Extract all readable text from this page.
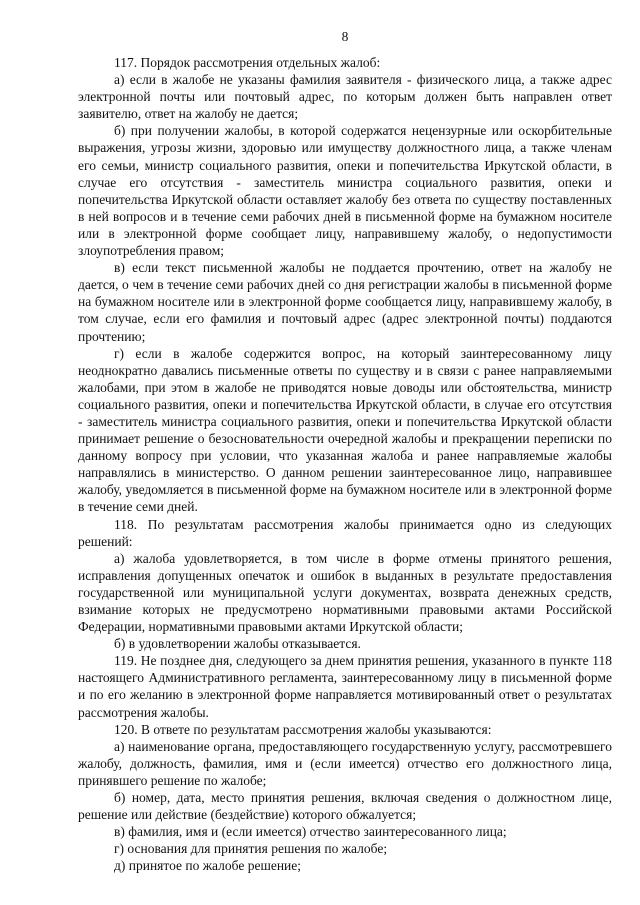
8

117. Порядок рассмотрения отдельных жалоб:

а) если в жалобе не указаны фамилия заявителя - физического лица, а также адрес электронной почты или почтовый адрес, по которым должен быть направлен ответ заявителю, ответ на жалобу не дается;

б) при получении жалобы, в которой содержатся нецензурные или оскорбительные выражения, угрозы жизни, здоровью или имуществу должностного лица, а также членам его семьи, министр социального развития, опеки и попечительства Иркутской области, в случае его отсутствия - заместитель министра социального развития, опеки и попечительства Иркутской области оставляет жалобу без ответа по существу поставленных в ней вопросов и в течение семи рабочих дней в письменной форме на бумажном носителе или в электронной форме сообщает лицу, направившему жалобу, о недопустимости злоупотребления правом;

в) если текст письменной жалобы не поддается прочтению, ответ на жалобу не дается, о чем в течение семи рабочих дней со дня регистрации жалобы в письменной форме на бумажном носителе или в электронной форме сообщается лицу, направившему жалобу, в том случае, если его фамилия и почтовый адрес (адрес электронной почты) поддаются прочтению;

г) если в жалобе содержится вопрос, на который заинтересованному лицу неоднократно давались письменные ответы по существу и в связи с ранее направляемыми жалобами, при этом в жалобе не приводятся новые доводы или обстоятельства, министр социального развития, опеки и попечительства Иркутской области, в случае его отсутствия - заместитель министра социального развития, опеки и попечительства Иркутской области принимает решение о безосновательности очередной жалобы и прекращении переписки по данному вопросу при условии, что указанная жалоба и ранее направляемые жалобы направлялись в министерство. О данном решении заинтересованное лицо, направившее жалобу, уведомляется в письменной форме на бумажном носителе или в электронной форме в течение семи дней.

118. По результатам рассмотрения жалобы принимается одно из следующих решений:

а) жалоба удовлетворяется, в том числе в форме отмены принятого решения, исправления допущенных опечаток и ошибок в выданных в результате предоставления государственной или муниципальной услуги документах, возврата денежных средств, взимание которых не предусмотрено нормативными правовыми актами Российской Федерации, нормативными правовыми актами Иркутской области;

б) в удовлетворении жалобы отказывается.

119. Не позднее дня, следующего за днем принятия решения, указанного в пункте 118 настоящего Административного регламента, заинтересованному лицу в письменной форме и по его желанию в электронной форме направляется мотивированный ответ о результатах рассмотрения жалобы.

120. В ответе по результатам рассмотрения жалобы указываются:

а) наименование органа, предоставляющего государственную услугу, рассмотревшего жалобу, должность, фамилия, имя и (если имеется) отчество его должностного лица, принявшего решение по жалобе;

б) номер, дата, место принятия решения, включая сведения о должностном лице, решение или действие (бездействие) которого обжалуется;

в) фамилия, имя и (если имеется) отчество заинтересованного лица;

г) основания для принятия решения по жалобе;

д) принятое по жалобе решение;
